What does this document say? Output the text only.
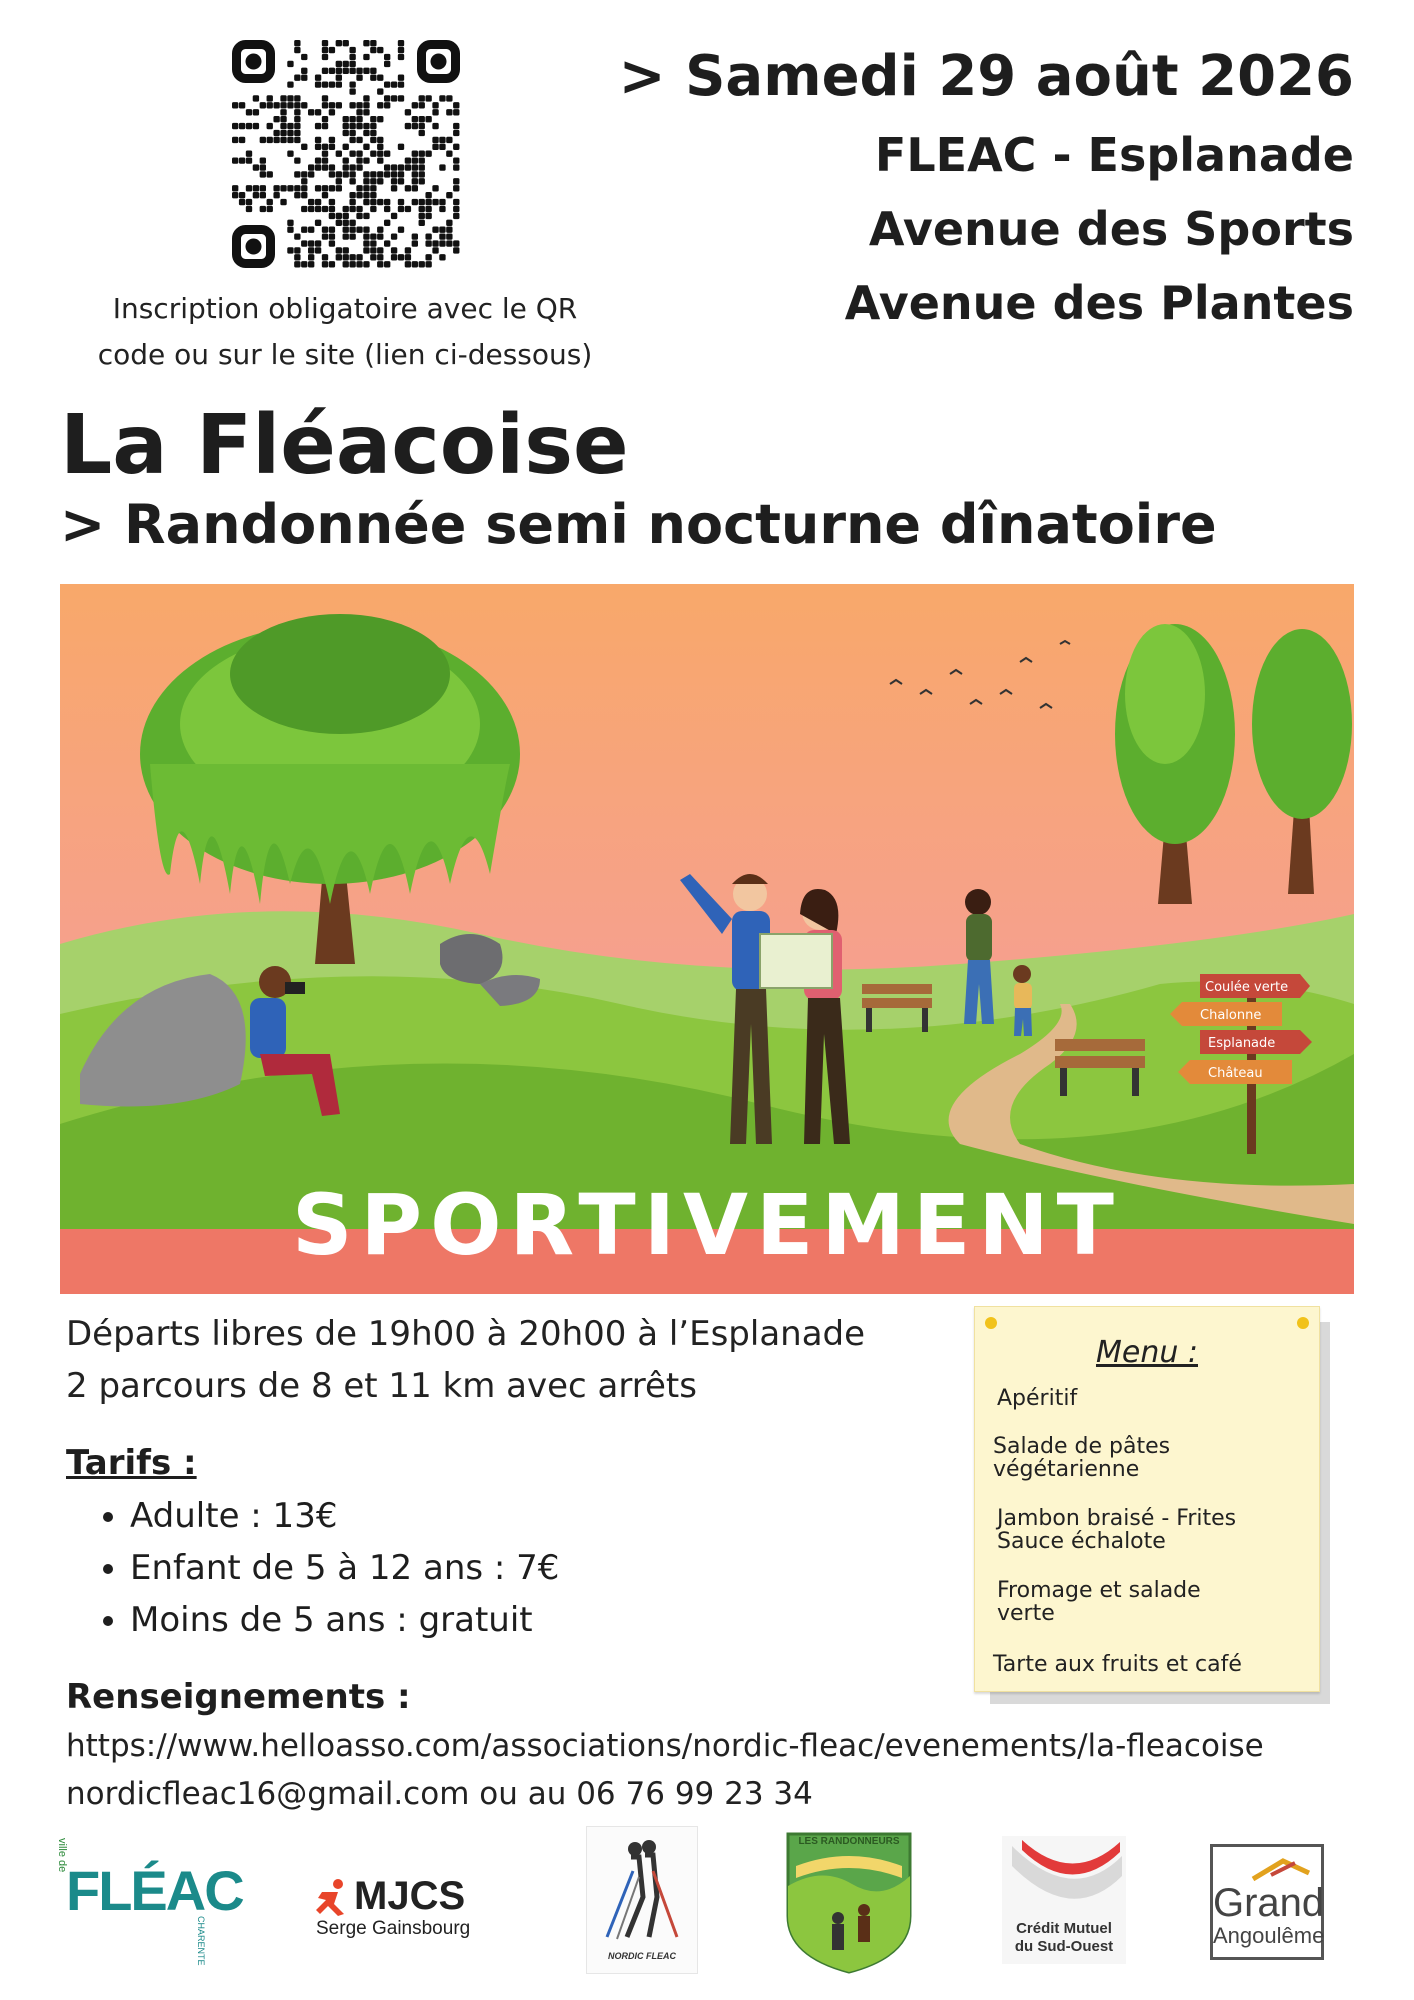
Inscription obligatoire avec le QR
code ou sur le site (lien ci-dessous)
> Samedi 29 août 2026
FLEAC - Esplanade
Avenue des Sports
Avenue des Plantes
La Fléacoise
> Randonnée semi nocturne dînatoire
Coulée verte
Chalonne
Esplanade
Château
SPORTIVEMENT
Départs libres de 19h00 à 20h00 à l’Esplanade
2 parcours de 8 et 11 km avec arrêts
Tarifs :
• Adulte : 13€
• Enfant de 5 à 12 ans : 7€
• Moins de 5 ans : gratuit
Renseignements :
https://www.helloasso.com/associations/nordic-fleac/evenements/la-fleacoise
nordicfleac16@gmail.com ou au 06 76 99 23 34
Menu :
Apéritif
Salade de pâtes
végétarienne
Jambon braisé - Frites
Sauce échalote
Fromage et salade
verte
Tarte aux fruits et café
ville de
FLÉAC
CHARENTE
MJCS
Serge Gainsbourg
NORDIC FLEAC
LES RANDONNEURS
Crédit Mutuel
du Sud-Ouest
Grand
Angoulême
